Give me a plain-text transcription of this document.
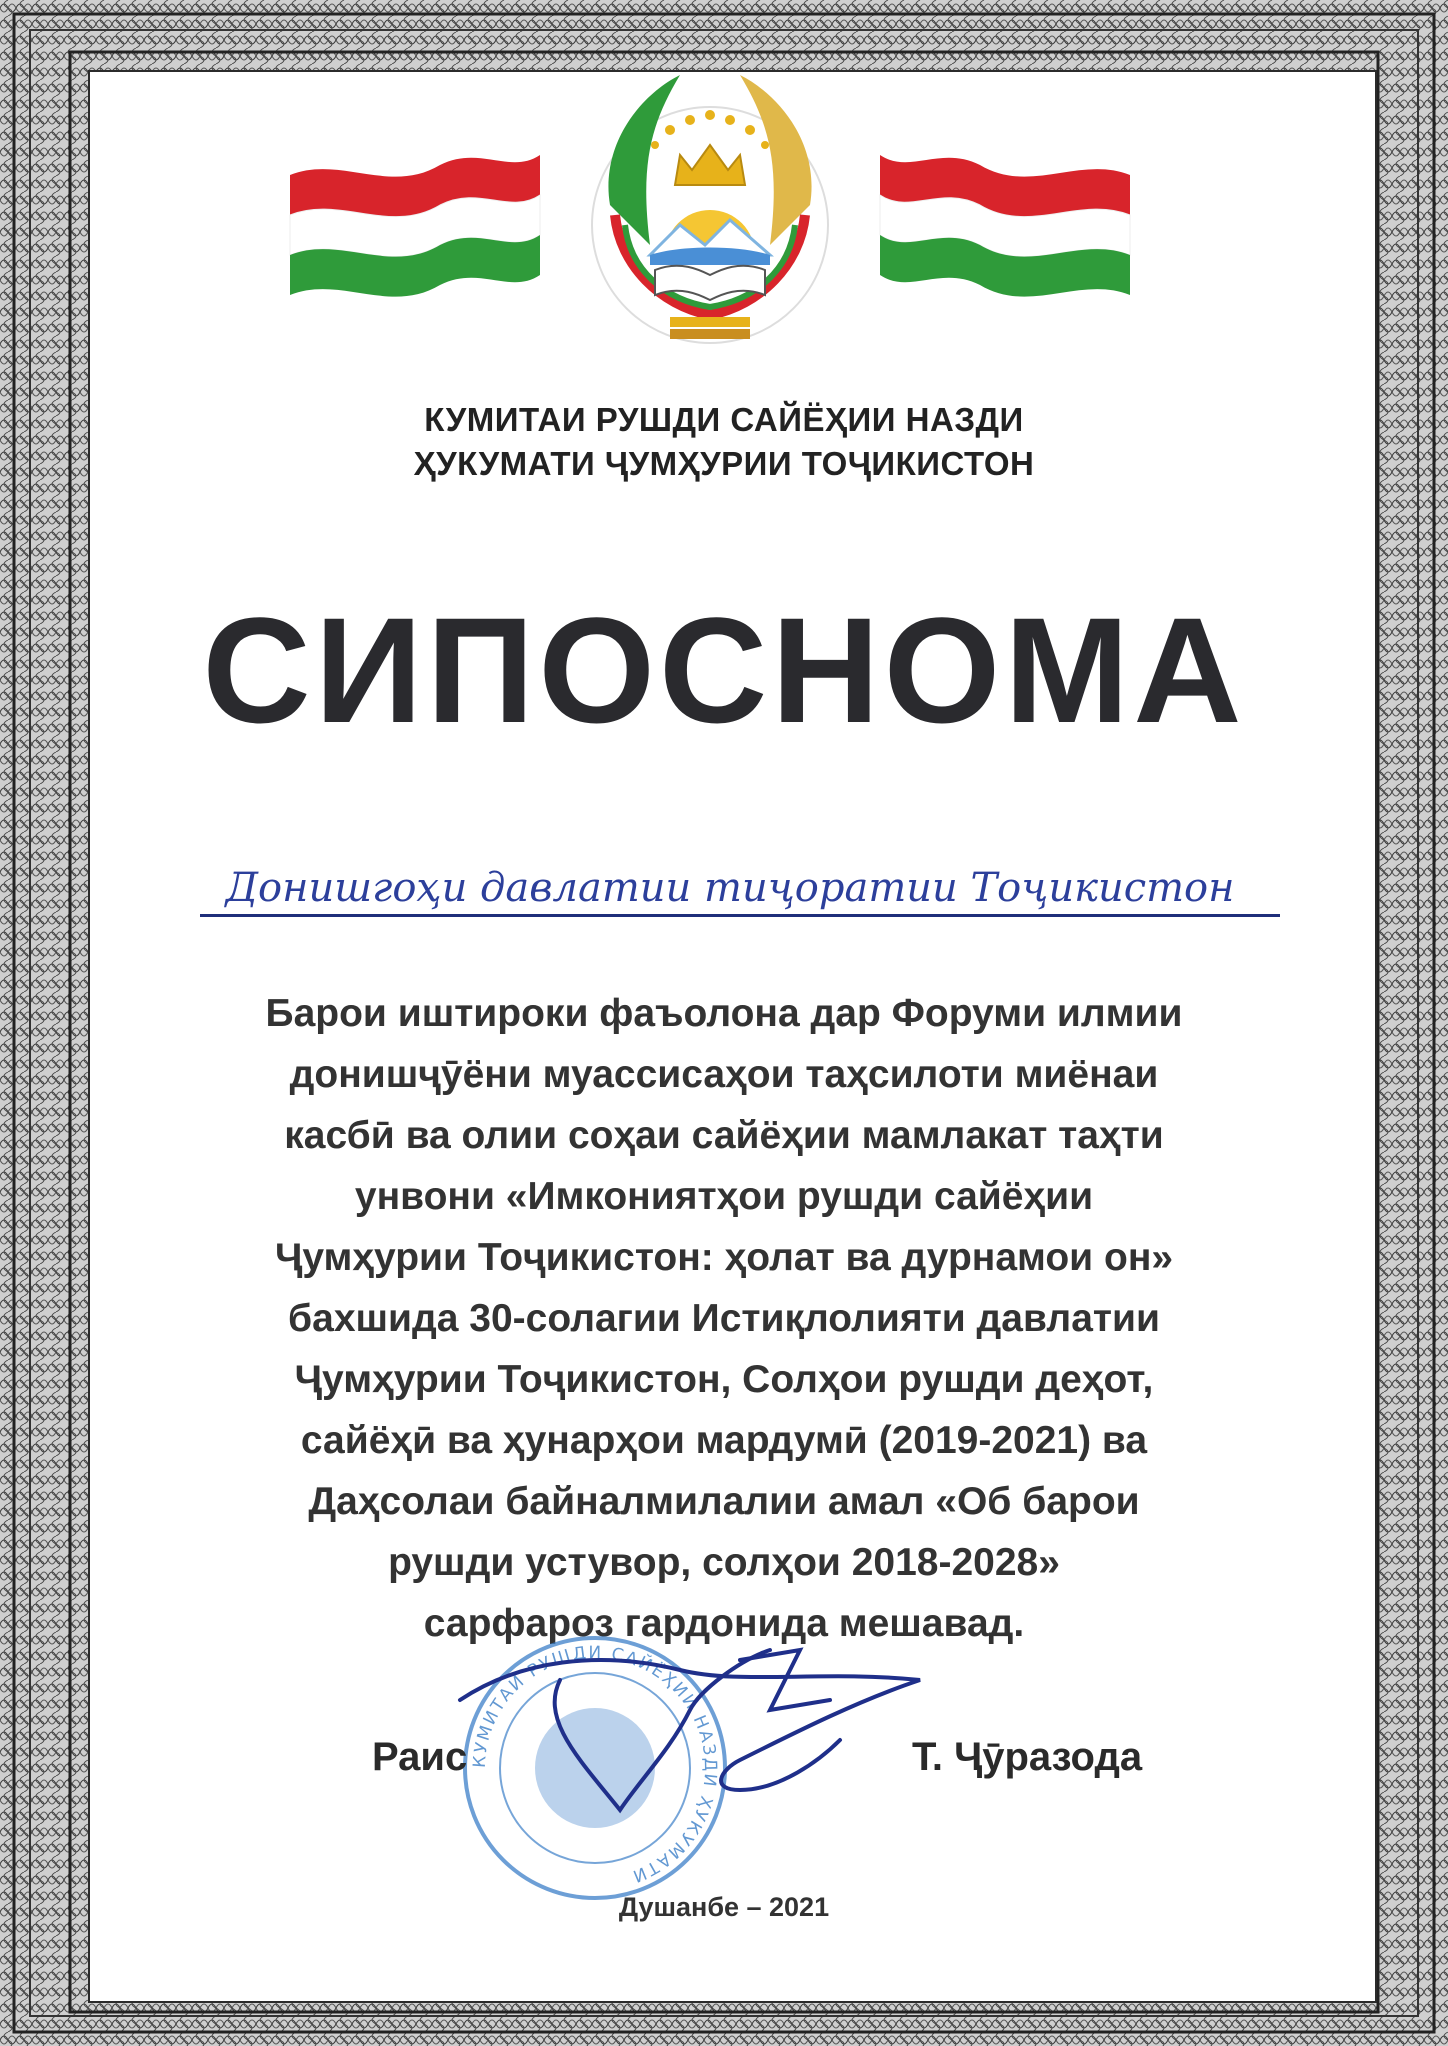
КУМИТАИ РУШДИ САЙЁҲИИ НАЗДИ
ҲУКУМАТИ ҶУМҲУРИИ ТОҶИКИСТОН
СИПОСНОМА
Донишгоҳи давлатии тиҷоратии Тоҷикистон
Барои иштироки фаъолона дар Форуми илмии
донишҷӯёни муассисаҳои таҳсилоти миёнаи
касбӣ ва олии соҳаи сайёҳии мамлакат таҳти
унвони «Имкониятҳои рушди сайёҳии
Ҷумҳурии Тоҷикистон: ҳолат ва дурнамои он»
бахшида 30-солагии Истиқлолияти давлатии
Ҷумҳурии Тоҷикистон, Солҳои рушди деҳот,
сайёҳӣ ва ҳунарҳои мардумӣ (2019-2021) ва
Даҳсолаи байналмилалии амал «Об барои
рушди устувор, солҳои 2018-2028»
сарфароз гардонида мешавад.
КУМИТАИ РУШДИ САЙЁҲИИ НАЗДИ ҲУКУМАТИ
Раис	Т. Ҷӯразода
Душанбе – 2021
